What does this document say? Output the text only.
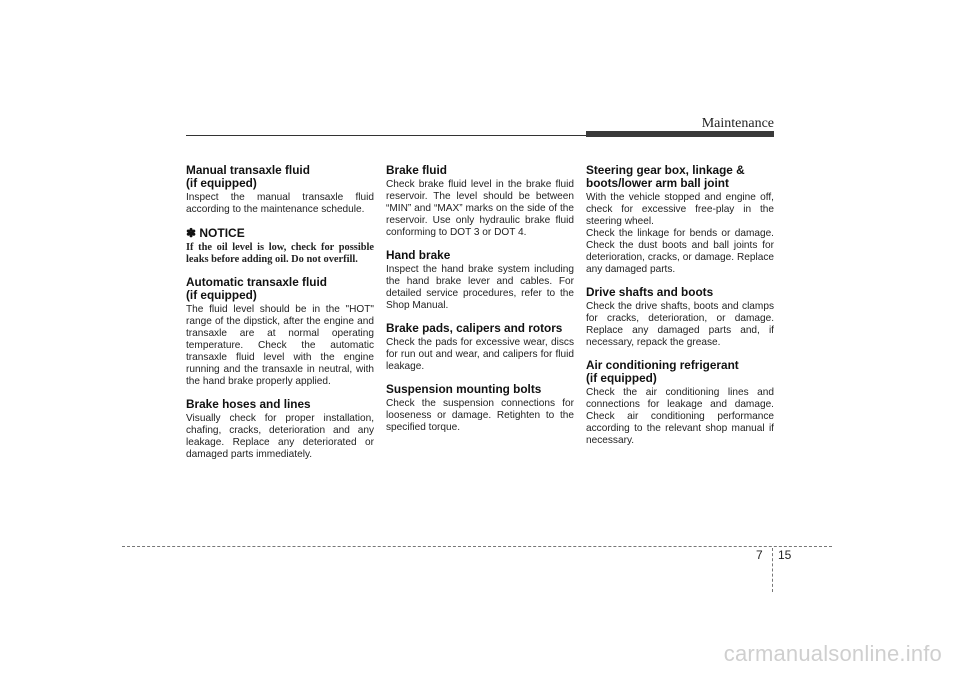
Maintenance
Manual transaxle fluid
(if equipped)

Inspect the manual transaxle fluid according to the maintenance schedule.

✽ NOTICE
If the oil level is low, check for possible leaks before adding oil. Do not overfill.
Automatic transaxle fluid
(if equipped)

The fluid level should be in the "HOT" range of the dipstick, after the engine and transaxle are at normal operating temperature. Check the automatic transaxle fluid level with the engine running and the transaxle in neutral, with the hand brake properly applied.

Brake hoses and lines

Visually check for proper installation, chafing, cracks, deterioration and any leakage. Replace any deteriorated or damaged parts immediately.

Brake fluid

Check brake fluid level in the brake fluid reservoir. The level should be between “MIN” and “MAX” marks on the side of the reservoir. Use only hydraulic brake fluid conforming to DOT 3 or DOT 4.

Hand brake

Inspect the hand brake system including the hand brake lever and cables. For detailed service procedures, refer to the Shop Manual.

Brake pads, calipers and rotors

Check the pads for excessive wear, discs for run out and wear, and calipers for fluid leakage.

Suspension mounting bolts

Check the suspension connections for looseness or damage. Retighten to the specified torque.

Steering gear box, linkage &
boots/lower arm ball joint

With the vehicle stopped and engine off, check for excessive free-play in the steering wheel.

Check the linkage for bends or damage. Check the dust boots and ball joints for deterioration, cracks, or damage. Replace any damaged parts.

Drive shafts and boots

Check the drive shafts, boots and clamps for cracks, deterioration, or damage. Replace any damaged parts and, if necessary, repack the grease.

Air conditioning refrigerant
(if equipped)

Check the air conditioning lines and connections for leakage and damage. Check air conditioning performance according to the relevant shop manual if necessary.

7 15
carmanualsonline.info
